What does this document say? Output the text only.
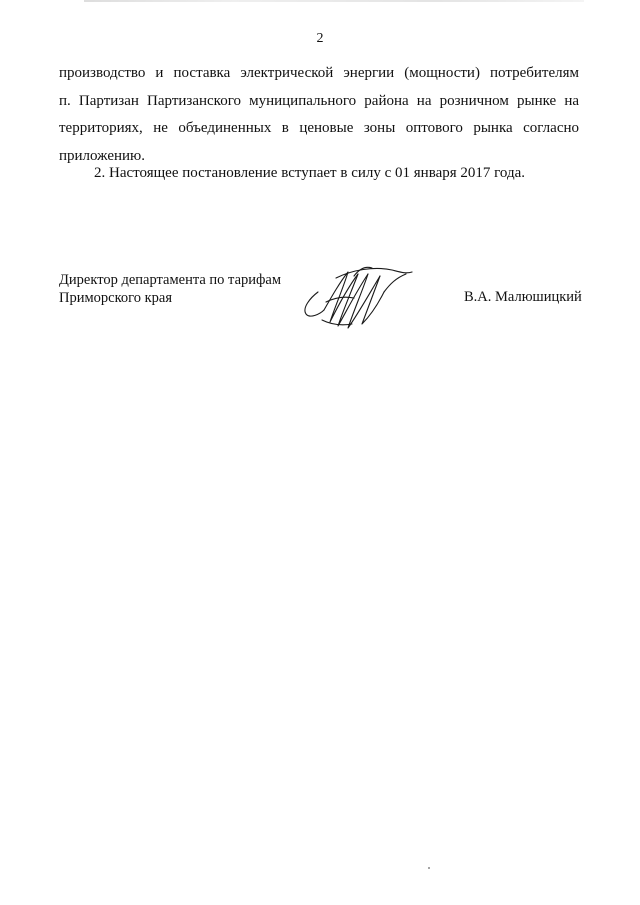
2
производство и поставка электрической энергии (мощности) потребителям
п. Партизан Партизанского муниципального района на розничном рынке на
территориях, не объединенных в ценовые зоны оптового рынка согласно
приложению.
2. Настоящее постановление вступает в силу с 01 января 2017 года.
Директор департамента по тарифам
Приморского края	В.А. Малюшицкий
